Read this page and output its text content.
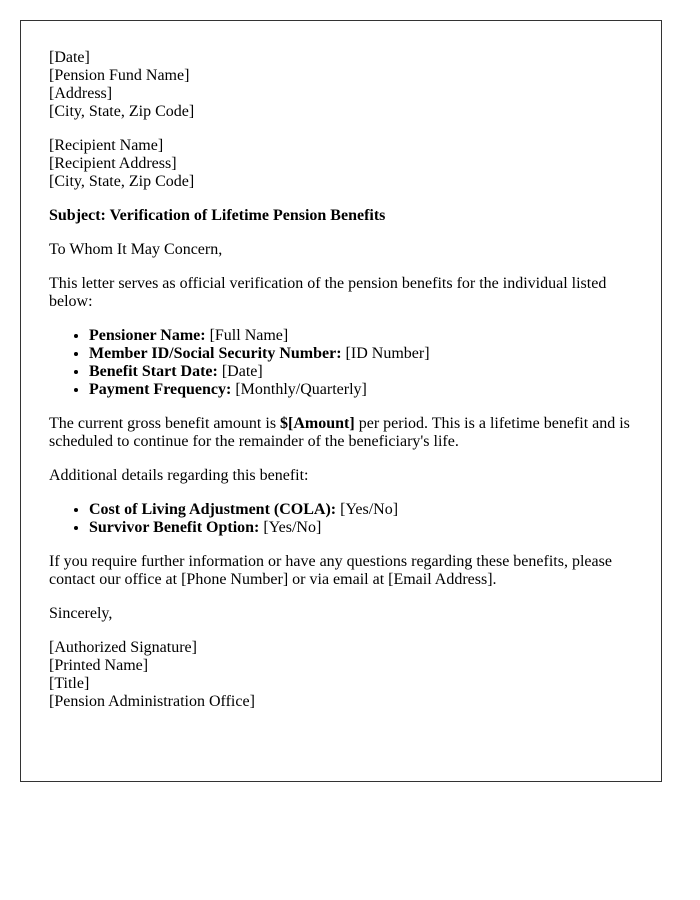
[Date]
[Pension Fund Name]
[Address]
[City, State, Zip Code]

[Recipient Name]
[Recipient Address]
[City, State, Zip Code]

Subject: Verification of Lifetime Pension Benefits

To Whom It May Concern,

This letter serves as official verification of the pension benefits for the individual listed below:

• Pensioner Name: [Full Name]
• Member ID/Social Security Number: [ID Number]
• Benefit Start Date: [Date]
• Payment Frequency: [Monthly/Quarterly]

The current gross benefit amount is $[Amount] per period. This is a lifetime benefit and is scheduled to continue for the remainder of the beneficiary's life.

Additional details regarding this benefit:

• Cost of Living Adjustment (COLA): [Yes/No]
• Survivor Benefit Option: [Yes/No]

If you require further information or have any questions regarding these benefits, please contact our office at [Phone Number] or via email at [Email Address].

Sincerely,

[Authorized Signature]
[Printed Name]
[Title]
[Pension Administration Office]
